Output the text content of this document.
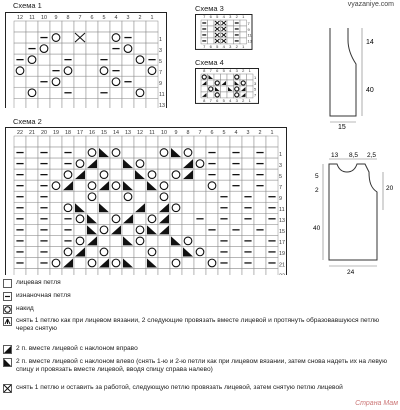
vyazaniye.com
Схема 1
12 11 10 9 8 7 6 5 4 3 2 1
13
11
9
7
5
3
1
Схема 3
7
7
6
6
5
5
4
4
3
3
2
2
1
1
13
11
9
7
Схема 4
8
8
7
7
6
6
5
5
4
4
3
3
2
2
1
1
7
5
3
1
Схема 2
22 21 20 19 18 17 16 15 14 13 12 11 10 9 8 7 6 5 4 3 2 1
21
19
17
15
13
11
9
7
5
3
1
14
40
15
13 8,5 2,5
5
2	20
40
24
лицевая петля
изнаночная петля
накид
снять 1 петлю как при лицевом вязании, 2 следующие провязать вместе лицевой и протянуть образовавшуюся петлю через снятую
2 п. вместе лицевой с наклоном вправо
2 п. вместе лицевой с наклоном влево (снять 1-ю и 2-ю петли как при лицевом вязании, затем снова надеть их на левую спицу и провязать вместе лицевой, вводя спицу справа налево)
снять 1 петлю и оставить за работой, следующую петлю провязать лицевой, затем снятую петлю лицевой
Страна Мам
